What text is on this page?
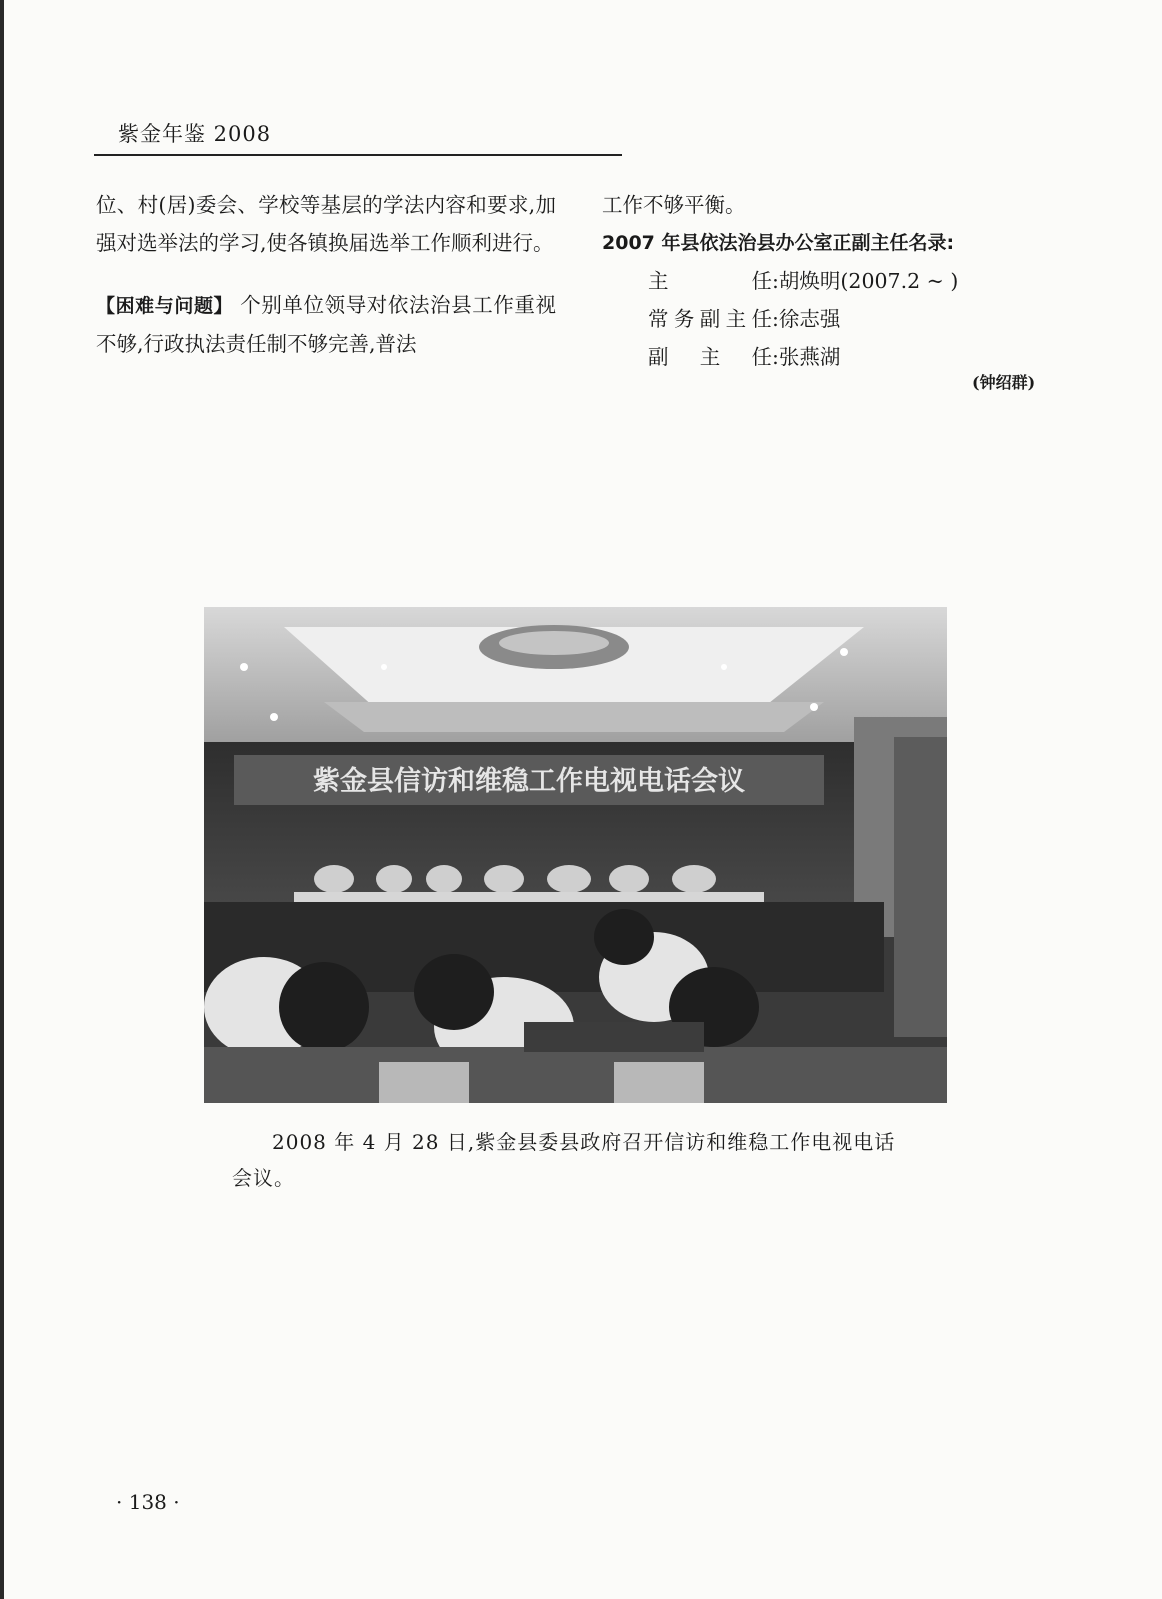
紫金年鉴 2008

位、村(居)委会、学校等基层的学法内容和要求,加强对选举法的学习,使各镇换届选举工作顺利进行。

【困难与问题】 个别单位领导对依法治县工作重视不够,行政执法责任制不够完善,普法

工作不够平衡。

2007 年县依法治县办公室正副主任名录:

主	任 :胡焕明(2007.2 ~ )
常 务 副 主 任 :徐志强
副 主 任 :张燕湖
(钟绍群)
紫金县信访和维稳工作电视电话会议
2008 年 4 月 28 日,紫金县委县政府召开信访和维稳工作电视电话会议。
· 138 ·
